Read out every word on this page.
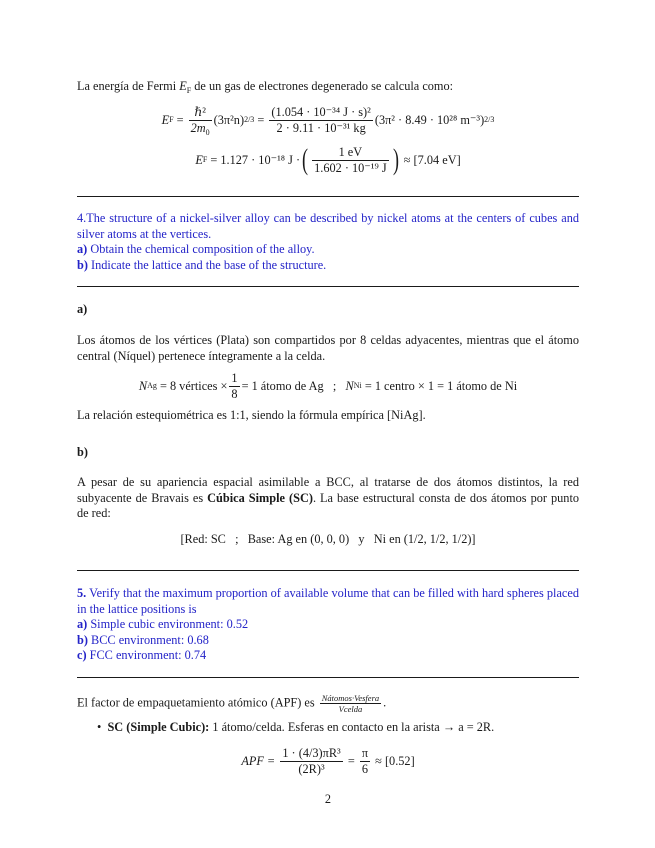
La energía de Fermi $E_F$ de un gas de electrones degenerado se calcula como:
E $F = \frac{\text{ℏ²}}{2m_0} (3\pi^2n) 2/3 = \frac{\text{(1.054 · 10⁻³⁴ J · s)²}}{\text{2 · 9.11 · 10⁻³¹ kg}} (3\pi^2 \cdot 8.49 \cdot 10^{28}$ m⁻³) 2/3
E F
= 1.127 · 10⁻¹⁸ J · ( $\frac{1 eV}{\text{1.602 · 10⁻¹⁹ J}}$ )
≈ [7.04 eV]
4.The structure of a nickel-silver alloy can be described by nickel atoms at the centers of cubes and silver atoms at the vertices.
a) Obtain the chemical composition of the alloy.
b) Indicate the lattice and the base of the structure.
a)
Los átomos de los vértices (Plata) son compartidos por 8 celdas adyacentes, mientras que el átomo central (Níquel) pertenece íntegramente a la celda.
N Ag
= 8 vértices × $\frac{1}{8} = 1$ átomo de Ag
;
N Ni
= 1 centro × 1 = 1 átomo de Ni
La relación estequiométrica es 1:1, siendo la fórmula empírica [NiAg].
b)
A pesar de su apariencia espacial asimilable a BCC, al tratarse de dos átomos distintos, la red subyacente de Bravais es Cúbica Simple (SC). La base estructural consta de dos átomos por punto de red:
[Red: SC   ;   Base: Ag en (0, 0, 0)   y   Ni en (1/2, 1/2, 1/2)]
5. Verify that the maximum proportion of available volume that can be filled with hard spheres placed in the lattice positions is
a) Simple cubic environment: 0.52
b) BCC environment: 0.68
c) FCC environment: 0.74
El factor de empaquetamiento atómico (APF) es $\frac{\text{Nátomos·Vesfera}}{\text{Vcelda}}$ .
• SC (Simple Cubic): 1 átomo/celda. Esferas en contacto en la arista → a = 2R.
APF =
$\frac{\text{1 · (4/3)πR³}}{\text{(2R)³}}$
=
$\frac{\pi}{6}$
≈ [0.52]
2
